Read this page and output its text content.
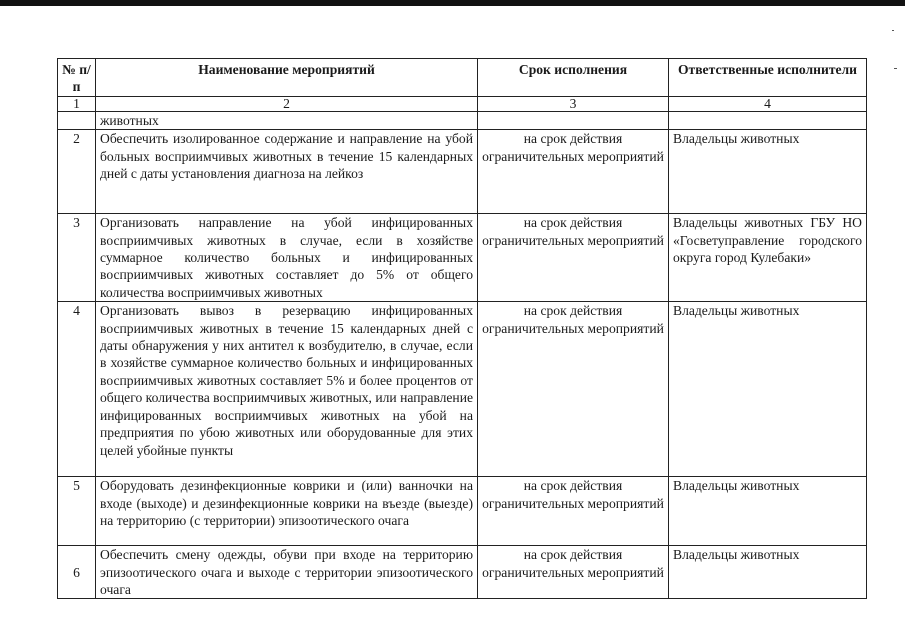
№ п/п	Наименование мероприятий	Срок исполнения	Ответственные исполнители
1	2	3	4
	животных		
2	Обеспечить изолированное содержание и направление на убой больных восприимчивых животных в течение 15 календарных дней с даты установления диагноза на лейкоз	на срок действия ограничительных мероприятий	Владельцы животных
3	Организовать направление на убой инфицированных восприимчивых животных в случае, если в хозяйстве суммарное количество больных и инфицированных восприимчивых животных составляет до 5% от общего количества восприимчивых животных	на срок действия ограничительных мероприятий	Владельцы животных ГБУ НО «Госветуправление городского округа город Кулебаки»
4	Организовать вывоз в резервацию инфицированных восприимчивых животных в течение 15 календарных дней с даты обнаружения у них антител к возбудителю, в случае, если в хозяйстве суммарное количество больных и инфицированных восприимчивых животных составляет 5% и более процентов от общего количества восприимчивых животных, или направление инфицированных восприимчивых животных на убой на предприятия по убою животных или оборудованные для этих целей убойные пункты	на срок действия ограничительных мероприятий	Владельцы животных
5	Оборудовать дезинфекционные коврики и (или) ванночки на входе (выходе) и дезинфекционные коврики на въезде (выезде) на территорию (с территории) эпизоотического очага	на срок действия ограничительных мероприятий	Владельцы животных
6	Обеспечить смену одежды, обуви при входе на территорию эпизоотического очага и выходе с территории эпизоотического очага	на срок действия ограничительных мероприятий	Владельцы животных
